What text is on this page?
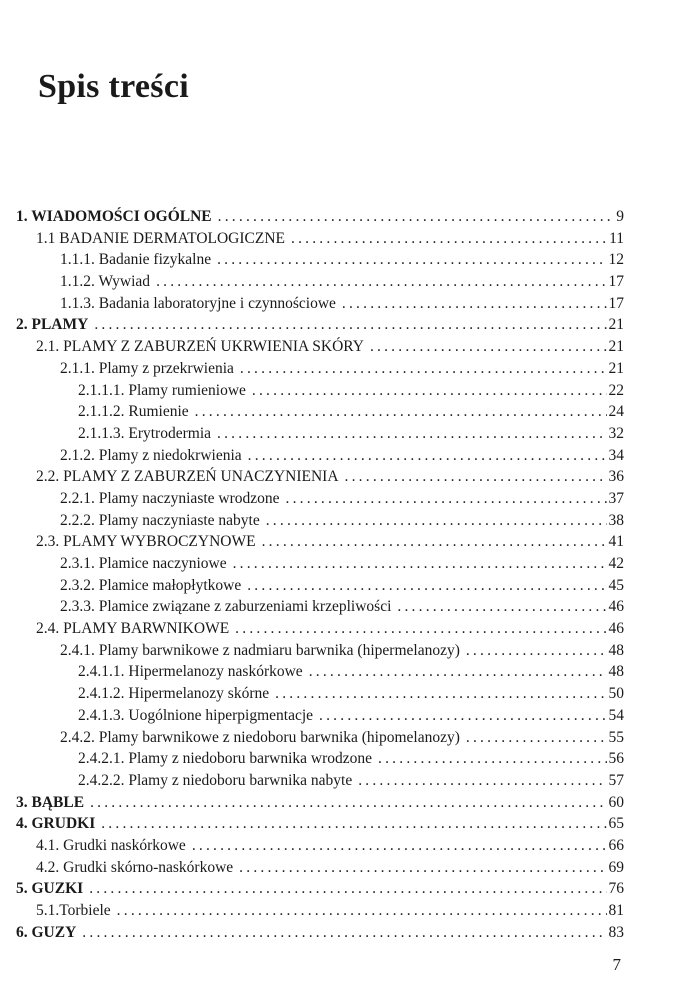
Spis treści
1. WIADOMOŚCI OGÓLNE .....	9
1.1 BADANIE DERMATOLOGICZNE .....	11
1.1.1. Badanie fizykalne .....	12
1.1.2. Wywiad .....	17
1.1.3. Badania laboratoryjne i czynnościowe .....	17
2. PLAMY .....	21
2.1. PLAMY Z ZABURZEŃ UKRWIENIA SKÓRY .....	21
2.1.1. Plamy z przekrwienia .....	21
2.1.1.1. Plamy rumieniowe .....	22
2.1.1.2. Rumienie .....	24
2.1.1.3. Erytrodermia .....	32
2.1.2. Plamy z niedokrwienia .....	34
2.2. PLAMY Z ZABURZEŃ UNACZYNIENIA .....	36
2.2.1. Plamy naczyniaste wrodzone .....	37
2.2.2. Plamy naczyniaste nabyte .....	38
2.3. PLAMY WYBROCZYNOWE .....	41
2.3.1. Plamice naczyniowe .....	42
2.3.2. Plamice małopłytkowe .....	45
2.3.3. Plamice związane z zaburzeniami krzepliwości .....	46
2.4. PLAMY BARWNIKOWE .....	46
2.4.1. Plamy barwnikowe z nadmiaru barwnika (hipermelanozy) .....	48
2.4.1.1. Hipermelanozy naskórkowe .....	48
2.4.1.2. Hipermelanozy skórne .....	50
2.4.1.3. Uogólnione hiperpigmentacje .....	54
2.4.2. Plamy barwnikowe z niedoboru barwnika (hipomelanozy) .....	55
2.4.2.1. Plamy z niedoboru barwnika wrodzone .....	56
2.4.2.2. Plamy z niedoboru barwnika nabyte .....	57
3. BĄBLE .....	60
4. GRUDKI .....	65
4.1. Grudki naskórkowe .....	66
4.2. Grudki skórno-naskórkowe .....	69
5. GUZKI .....	76
5.1.Torbiele .....	81
6. GUZY .....	83
7
